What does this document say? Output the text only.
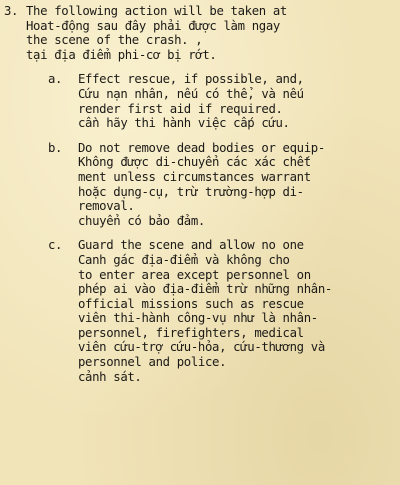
3. The following action will be taken at
Hoat-động sau đây phải được làm ngay
the scene of the crash. ,
tại địa điểm phi-cơ bị rớt.
a. Effect rescue, if possible, and,
Cứu nạn nhân, nếu có thể, và nếu
render first aid if required.
cần hãy thi hành việc cấp cứu.
b. Do not remove dead bodies or equip-
Không được di-chuyển các xác chết
ment unless circumstances warrant
hoặc dụng-cụ, trừ trường-hợp di-
removal.
chuyển có bảo đảm.
c. Guard the scene and allow no one
Canh gác địa-điểm và không cho
to enter area except personnel on
phép ai vào địa-điểm trừ những nhân-
official missions such as rescue
viên thi-hành công-vụ như là nhân-
personnel, firefighters, medical
viên cứu-trợ cứu-hỏa, cứu-thương và
personnel and police.
cảnh sát.
